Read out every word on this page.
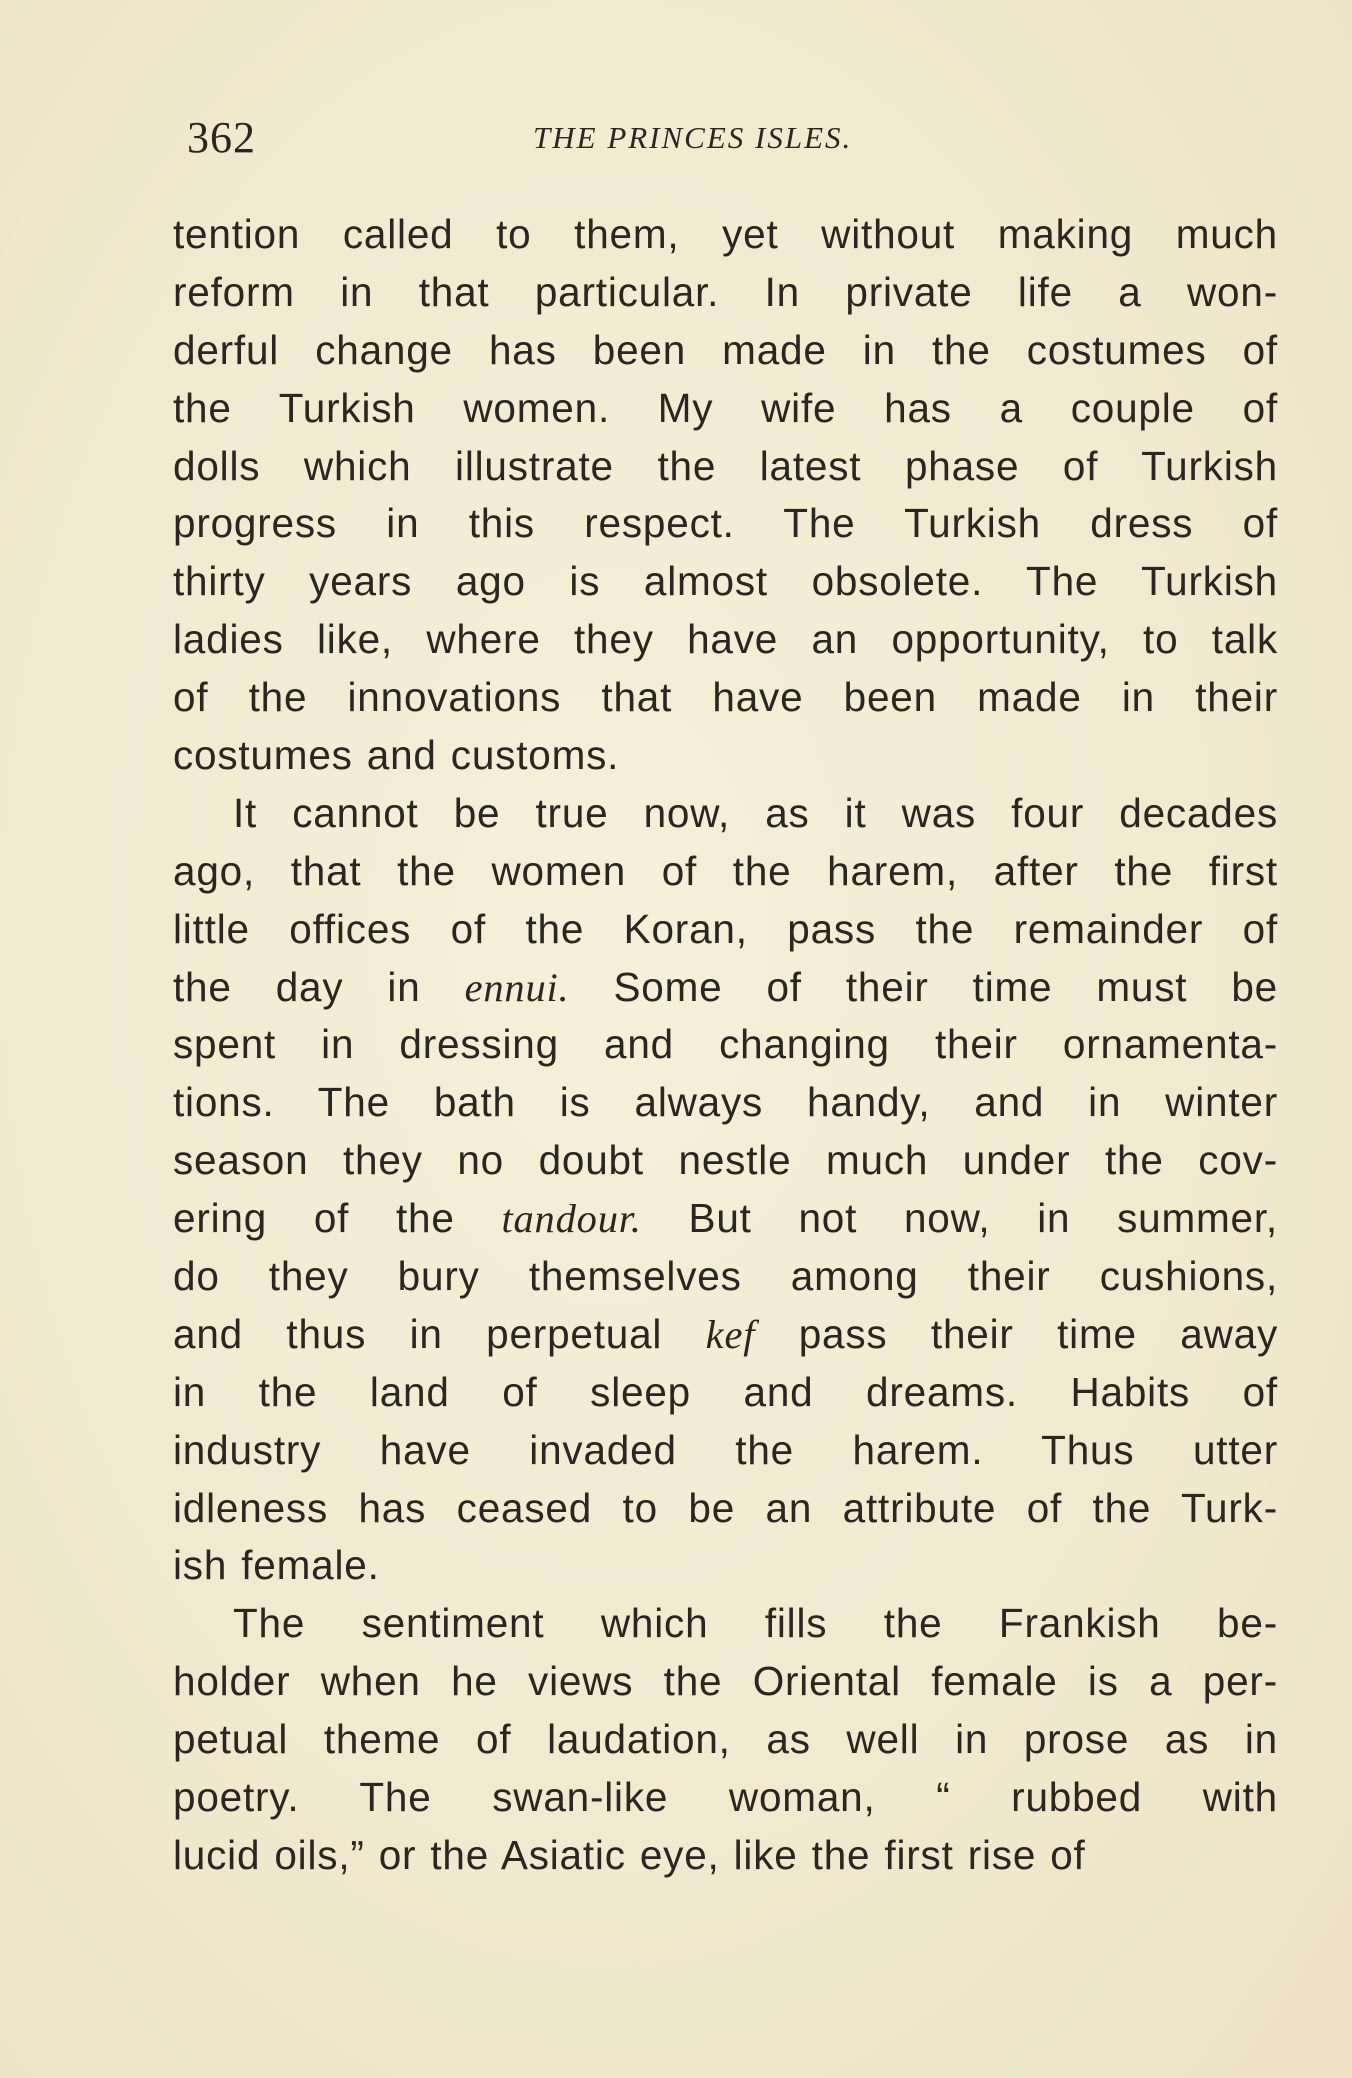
362	THE PRINCES ISLES.
tention called to them, yet without making much
reform in that particular. In private life a won-
derful change has been made in the costumes of
the Turkish women. My wife has a couple of
dolls which illustrate the latest phase of Turkish
progress in this respect. The Turkish dress of
thirty years ago is almost obsolete. The Turkish
ladies like, where they have an opportunity, to talk
of the innovations that have been made in their
costumes and customs.
It cannot be true now, as it was four decades
ago, that the women of the harem, after the first
little offices of the Koran, pass the remainder of
the day in ennui. Some of their time must be
spent in dressing and changing their ornamenta-
tions. The bath is always handy, and in winter
season they no doubt nestle much under the cov-
ering of the tandour. But not now, in summer,
do they bury themselves among their cushions,
and thus in perpetual kef pass their time away
in the land of sleep and dreams. Habits of
industry have invaded the harem. Thus utter
idleness has ceased to be an attribute of the Turk-
ish female.
The sentiment which fills the Frankish be-
holder when he views the Oriental female is a per-
petual theme of laudation, as well in prose as in
poetry. The swan-like woman, “ rubbed with
lucid oils,” or the Asiatic eye, like the first rise of
